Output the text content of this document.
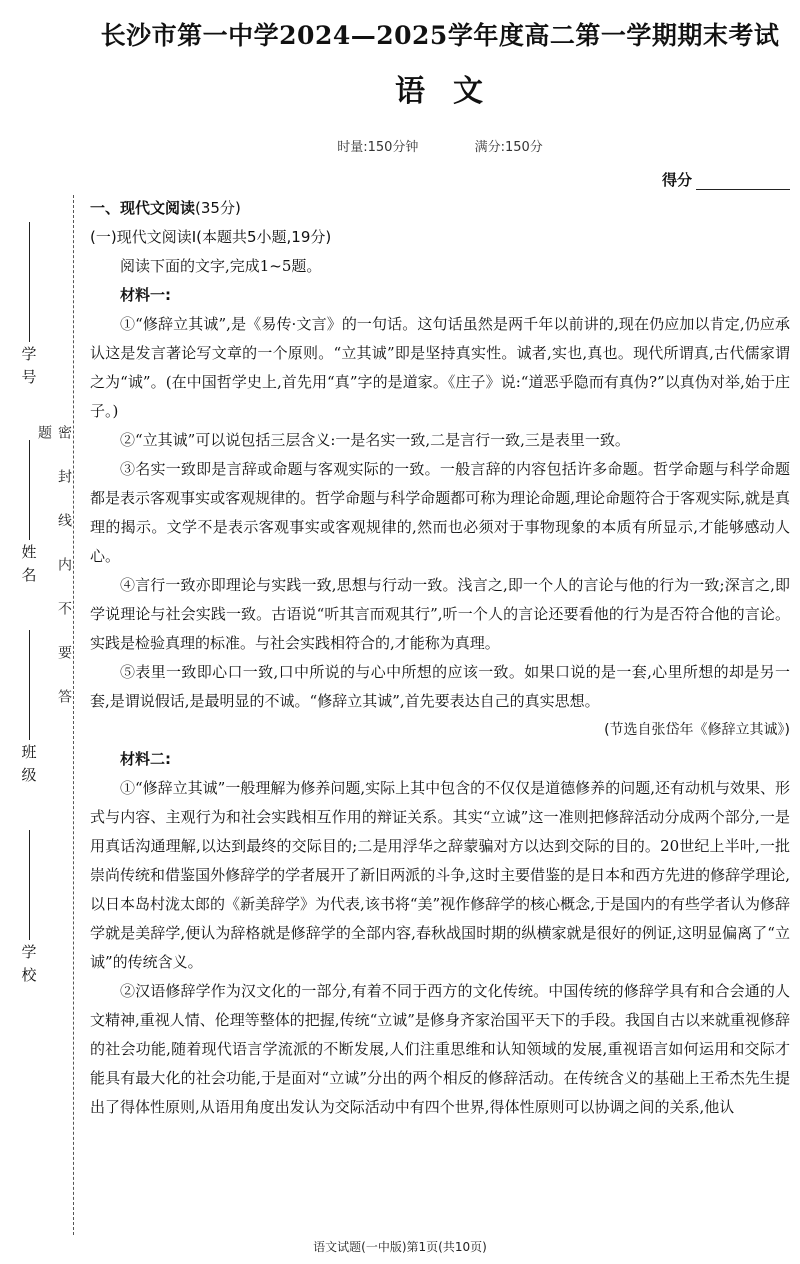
学号
姓名
班级
学校
密封线内不要答题
长沙市第一中学2024—2025学年度高二第一学期期末考试
语文
时量:150分钟	满分:150分
得分

一、现代文阅读(35分)

(一)现代文阅读Ⅰ(本题共5小题,19分)

阅读下面的文字,完成1~5题。

材料一:

①“修辞立其诚”,是《易传·文言》的一句话。这句话虽然是两千年以前讲的,现在仍应加以肯定,仍应承认这是发言著论写文章的一个原则。“立其诚”即是坚持真实性。诚者,实也,真也。现代所谓真,古代儒家谓之为“诚”。(在中国哲学史上,首先用“真”字的是道家。《庄子》说:“道恶乎隐而有真伪?”以真伪对举,始于庄子。)

②“立其诚”可以说包括三层含义:一是名实一致,二是言行一致,三是表里一致。

③名实一致即是言辞或命题与客观实际的一致。一般言辞的内容包括许多命题。哲学命题与科学命题都是表示客观事实或客观规律的。哲学命题与科学命题都可称为理论命题,理论命题符合于客观实际,就是真理的揭示。文学不是表示客观事实或客观规律的,然而也必须对于事物现象的本质有所显示,才能够感动人心。

④言行一致亦即理论与实践一致,思想与行动一致。浅言之,即一个人的言论与他的行为一致;深言之,即学说理论与社会实践一致。古语说“听其言而观其行”,听一个人的言论还要看他的行为是否符合他的言论。实践是检验真理的标准。与社会实践相符合的,才能称为真理。

⑤表里一致即心口一致,口中所说的与心中所想的应该一致。如果口说的是一套,心里所想的却是另一套,是谓说假话,是最明显的不诚。“修辞立其诚”,首先要表达自己的真实思想。

(节选自张岱年《修辞立其诚》)

材料二:

①“修辞立其诚”一般理解为修养问题,实际上其中包含的不仅仅是道德修养的问题,还有动机与效果、形式与内容、主观行为和社会实践相互作用的辩证关系。其实“立诚”这一准则把修辞活动分成两个部分,一是用真话沟通理解,以达到最终的交际目的;二是用浮华之辞蒙骗对方以达到交际的目的。20世纪上半叶,一批崇尚传统和借鉴国外修辞学的学者展开了新旧两派的斗争,这时主要借鉴的是日本和西方先进的修辞学理论,以日本岛村泷太郎的《新美辞学》为代表,该书将“美”视作修辞学的核心概念,于是国内的有些学者认为修辞学就是美辞学,便认为辞格就是修辞学的全部内容,春秋战国时期的纵横家就是很好的例证,这明显偏离了“立诚”的传统含义。

②汉语修辞学作为汉文化的一部分,有着不同于西方的文化传统。中国传统的修辞学具有和合会通的人文精神,重视人情、伦理等整体的把握,传统“立诚”是修身齐家治国平天下的手段。我国自古以来就重视修辞的社会功能,随着现代语言学流派的不断发展,人们注重思维和认知领域的发展,重视语言如何运用和交际才能具有最大化的社会功能,于是面对“立诚”分出的两个相反的修辞活动。在传统含义的基础上王希杰先生提出了得体性原则,从语用角度出发认为交际活动中有四个世界,得体性原则可以协调之间的关系,他认

语文试题(一中版)第1页(共10页)
